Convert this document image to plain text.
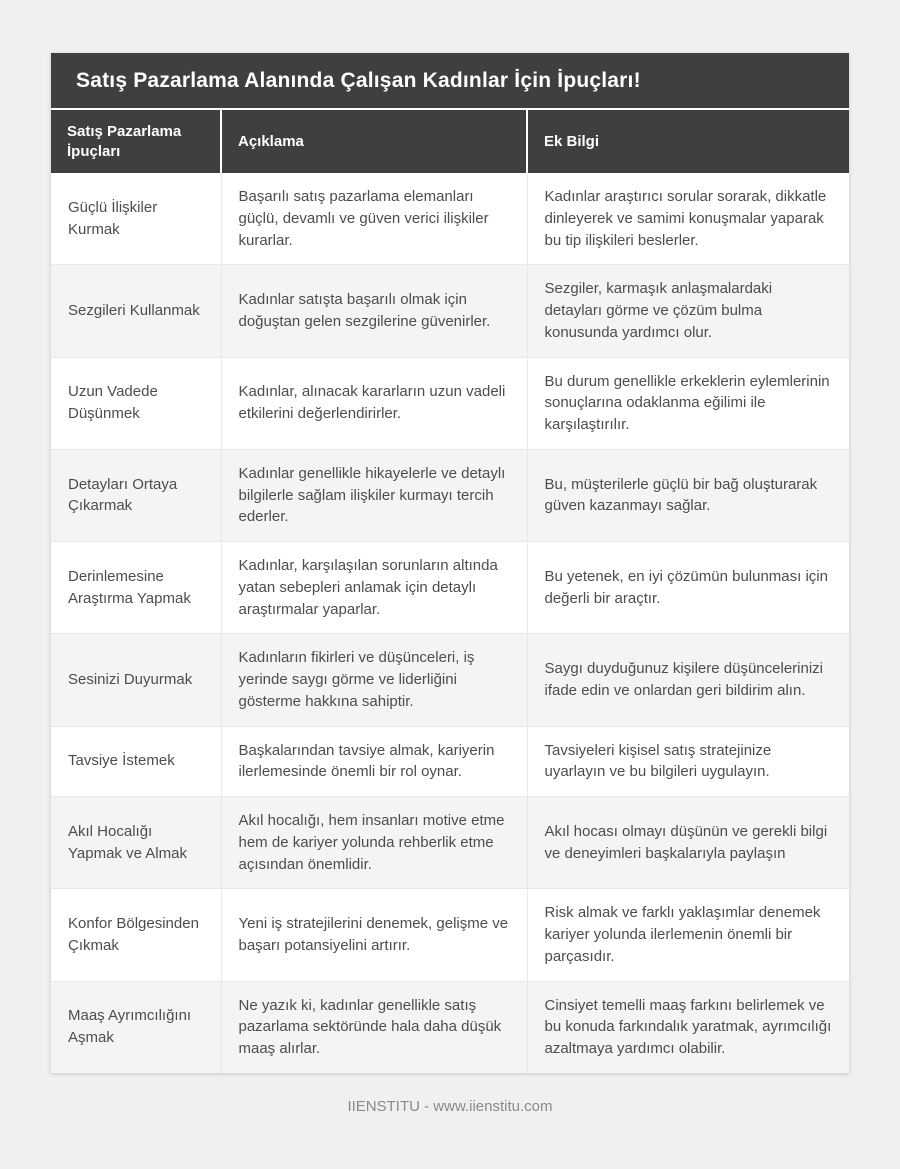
Satış Pazarlama Alanında Çalışan Kadınlar İçin İpuçları!
Satış Pazarlama İpuçları	Açıklama	Ek Bilgi
Güçlü İlişkiler Kurmak	Başarılı satış pazarlama elemanları güçlü, devamlı ve güven verici ilişkiler kurarlar.	Kadınlar araştırıcı sorular sorarak, dikkatle dinleyerek ve samimi konuşmalar yaparak bu tip ilişkileri beslerler.
Sezgileri Kullanmak	Kadınlar satışta başarılı olmak için doğuştan gelen sezgilerine güvenirler.	Sezgiler, karmaşık anlaşmalardaki detayları görme ve çözüm bulma konusunda yardımcı olur.
Uzun Vadede Düşünmek	Kadınlar, alınacak kararların uzun vadeli etkilerini değerlendirirler.	Bu durum genellikle erkeklerin eylemlerinin sonuçlarına odaklanma eğilimi ile karşılaştırılır.
Detayları Ortaya Çıkarmak	Kadınlar genellikle hikayelerle ve detaylı bilgilerle sağlam ilişkiler kurmayı tercih ederler.	Bu, müşterilerle güçlü bir bağ oluşturarak güven kazanmayı sağlar.
Derinlemesine Araştırma Yapmak	Kadınlar, karşılaşılan sorunların altında yatan sebepleri anlamak için detaylı araştırmalar yaparlar.	Bu yetenek, en iyi çözümün bulunması için değerli bir araçtır.
Sesinizi Duyurmak	Kadınların fikirleri ve düşünceleri, iş yerinde saygı görme ve liderliğini gösterme hakkına sahiptir.	Saygı duyduğunuz kişilere düşüncelerinizi ifade edin ve onlardan geri bildirim alın.
Tavsiye İstemek	Başkalarından tavsiye almak, kariyerin ilerlemesinde önemli bir rol oynar.	Tavsiyeleri kişisel satış stratejinize uyarlayın ve bu bilgileri uygulayın.
Akıl Hocalığı Yapmak ve Almak	Akıl hocalığı, hem insanları motive etme hem de kariyer yolunda rehberlik etme açısından önemlidir.	Akıl hocası olmayı düşünün ve gerekli bilgi ve deneyimleri başkalarıyla paylaşın
Konfor Bölgesinden Çıkmak	Yeni iş stratejilerini denemek, gelişme ve başarı potansiyelini artırır.	Risk almak ve farklı yaklaşımlar denemek kariyer yolunda ilerlemenin önemli bir parçasıdır.
Maaş Ayrımcılığını Aşmak	Ne yazık ki, kadınlar genellikle satış pazarlama sektöründe hala daha düşük maaş alırlar.	Cinsiyet temelli maaş farkını belirlemek ve bu konuda farkındalık yaratmak, ayrımcılığı azaltmaya yardımcı olabilir.
IIENSTITU - www.iienstitu.com
